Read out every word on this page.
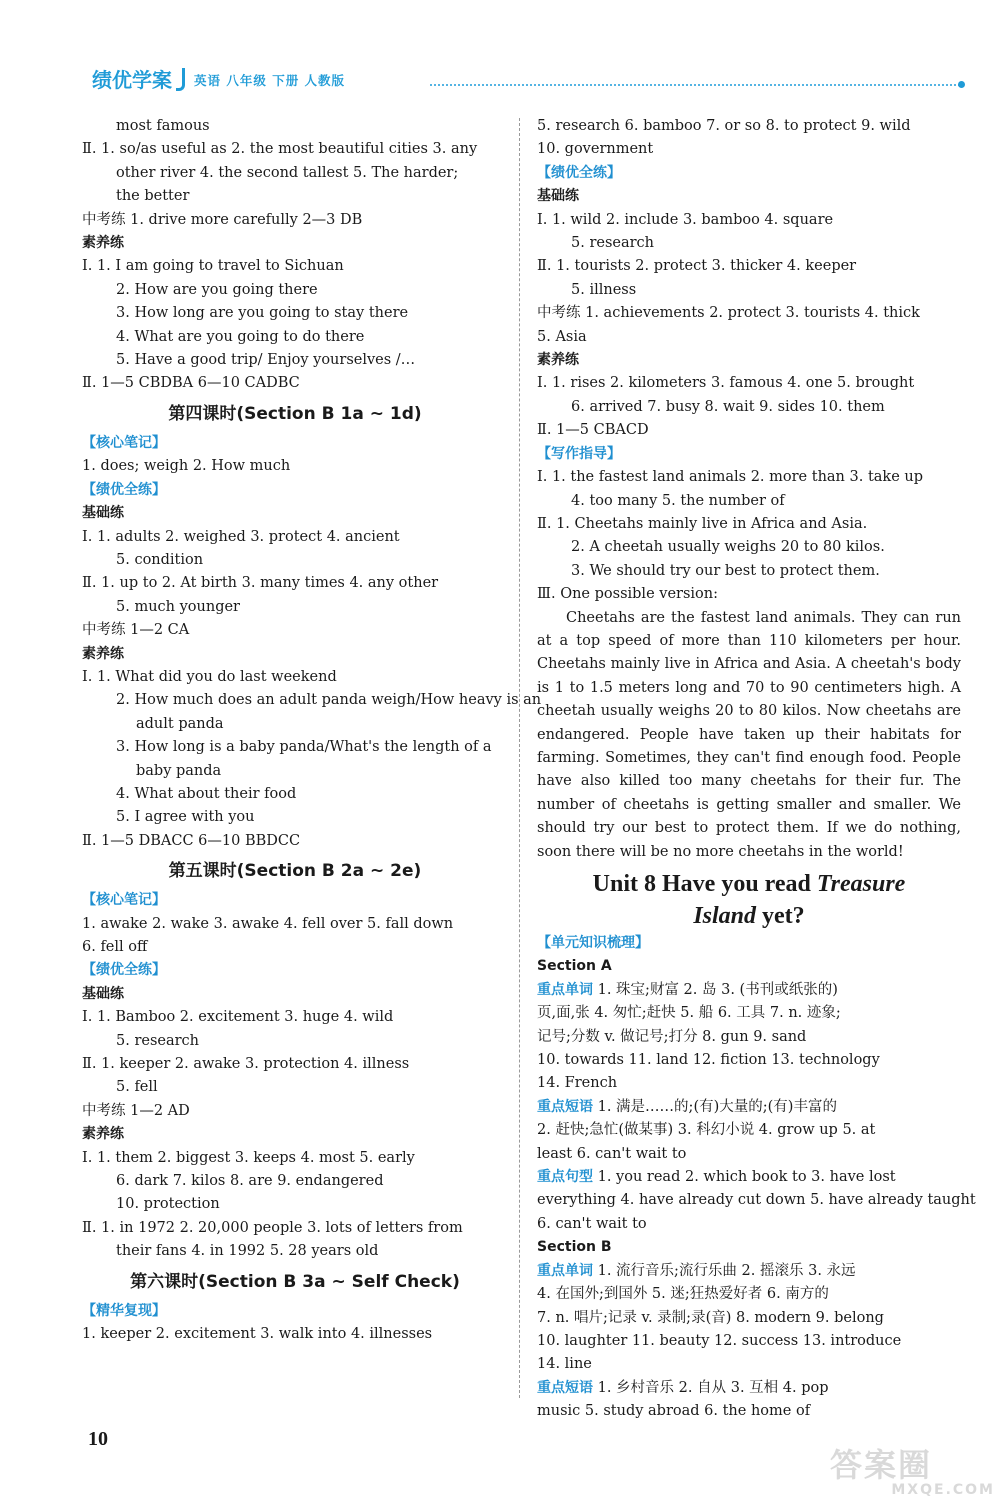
绩优学案 英语 八年级 下册 人教版
most famous
Ⅱ. 1. so/as useful as 2. the most beautiful cities 3. any
other river 4. the second tallest 5. The harder;
the better
中考练 1. drive more carefully 2—3 DB
素养练
Ⅰ. 1. I am going to travel to Sichuan
2. How are you going there
3. How long are you going to stay there
4. What are you going to do there
5. Have a good trip/ Enjoy yourselves /…
Ⅱ. 1—5 CBDBA 6—10 CADBC
第四课时(Section B 1a ~ 1d)
【核心笔记】
1. does; weigh 2. How much
【绩优全练】
基础练
Ⅰ. 1. adults 2. weighed 3. protect 4. ancient
5. condition
Ⅱ. 1. up to 2. At birth 3. many times 4. any other
5. much younger
中考练 1—2 CA
素养练
Ⅰ. 1. What did you do last weekend
2. How much does an adult panda weigh/How heavy is an
adult panda
3. How long is a baby panda/What's the length of a
baby panda
4. What about their food
5. I agree with you
Ⅱ. 1—5 DBACC 6—10 BBDCC
第五课时(Section B 2a ~ 2e)
【核心笔记】
1. awake 2. wake 3. awake 4. fell over 5. fall down
6. fell off
【绩优全练】
基础练
Ⅰ. 1. Bamboo 2. excitement 3. huge 4. wild
5. research
Ⅱ. 1. keeper 2. awake 3. protection 4. illness
5. fell
中考练 1—2 AD
素养练
Ⅰ. 1. them 2. biggest 3. keeps 4. most 5. early
6. dark 7. kilos 8. are 9. endangered
10. protection
Ⅱ. 1. in 1972 2. 20,000 people 3. lots of letters from
their fans 4. in 1992 5. 28 years old
第六课时(Section B 3a ~ Self Check)
【精华复现】
1. keeper 2. excitement 3. walk into 4. illnesses
5. research 6. bamboo 7. or so 8. to protect 9. wild
10. government
【绩优全练】
基础练
Ⅰ. 1. wild 2. include 3. bamboo 4. square
5. research
Ⅱ. 1. tourists 2. protect 3. thicker 4. keeper
5. illness
中考练 1. achievements 2. protect 3. tourists 4. thick
5. Asia
素养练
Ⅰ. 1. rises 2. kilometers 3. famous 4. one 5. brought
6. arrived 7. busy 8. wait 9. sides 10. them
Ⅱ. 1—5 CBACD
【写作指导】
Ⅰ. 1. the fastest land animals 2. more than 3. take up
4. too many 5. the number of
Ⅱ. 1. Cheetahs mainly live in Africa and Asia.
2. A cheetah usually weighs 20 to 80 kilos.
3. We should try our best to protect them.
Ⅲ. One possible version:
Cheetahs are the fastest land animals. They can run at a top speed of more than 110 kilometers per hour. Cheetahs mainly live in Africa and Asia. A cheetah's body is 1 to 1.5 meters long and 70 to 90 centimeters high. A cheetah usually weighs 20 to 80 kilos. Now cheetahs are endangered. People have taken up their habitats for farming. Sometimes, they can't find enough food. People have also killed too many cheetahs for their fur. The number of cheetahs is getting smaller and smaller. We should try our best to protect them. If we do nothing, soon there will be no more cheetahs in the world!
Unit 8 Have you read Treasure
Island yet?
【单元知识梳理】
Section A
重点单词 1. 珠宝;财富 2. 岛 3. (书刊或纸张的)
页,面,张 4. 匆忙;赶快 5. 船 6. 工具 7. n. 迹象;
记号;分数 v. 做记号;打分 8. gun 9. sand
10. towards 11. land 12. fiction 13. technology
14. French
重点短语 1. 满是……的;(有)大量的;(有)丰富的
2. 赶快;急忙(做某事) 3. 科幻小说 4. grow up 5. at
least 6. can't wait to
重点句型 1. you read 2. which book to 3. have lost
everything 4. have already cut down 5. have already taught
6. can't wait to
Section B
重点单词 1. 流行音乐;流行乐曲 2. 摇滚乐 3. 永远
4. 在国外;到国外 5. 迷;狂热爱好者 6. 南方的
7. n. 唱片;记录 v. 录制;录(音) 8. modern 9. belong
10. laughter 11. beauty 12. success 13. introduce
14. line
重点短语 1. 乡村音乐 2. 自从 3. 互相 4. pop
music 5. study abroad 6. the home of
10
答案圈
MXQE.COM
